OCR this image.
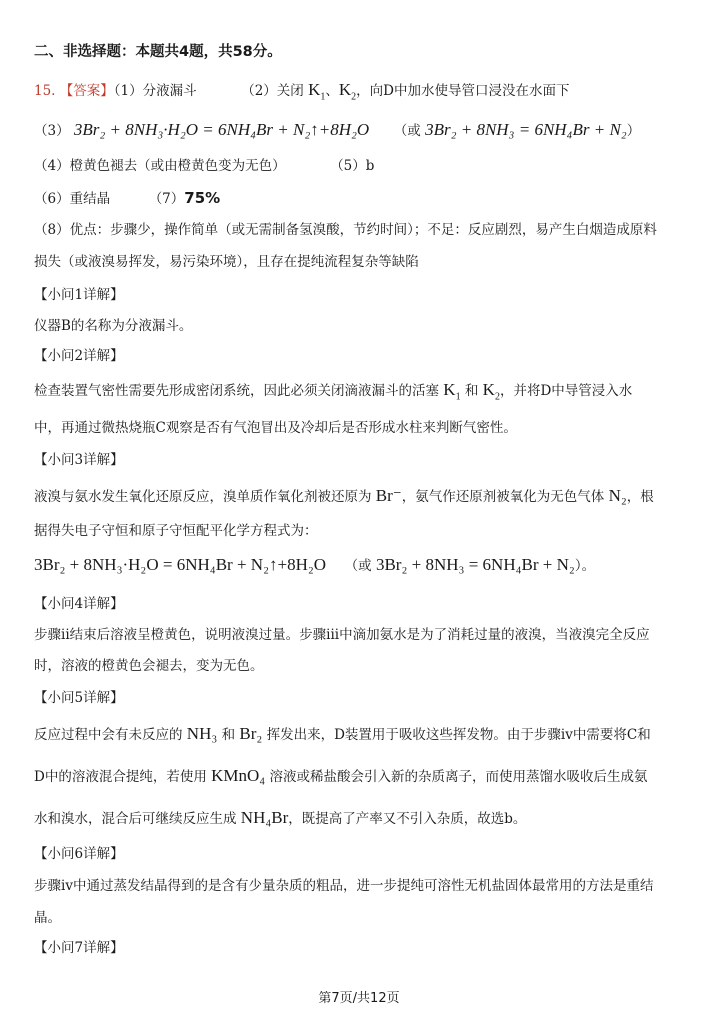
二、非选择题：本题共4题，共58分。
15. 【答案】（1）分液漏斗	（2）关闭 $K_1$、$K_2$，向D中加水使导管口浸没在水面下
（3） 3Br₂ + 8NH₃·H₂O = 6NH₄Br + N₂↑+8H₂O （或 3Br₂ + 8NH₃ = 6NH₄Br + N₂）
（4）橙黄色褪去（或由橙黄色变为无色）	（5）b
（6）重结晶	（7）75%
（8）优点：步骤少，操作简单（或无需制备氢溴酸，节约时间）；不足：反应剧烈，易产生白烟造成原料
损失（或液溴易挥发，易污染环境），且存在提纯流程复杂等缺陷
【小问1详解】
仪器B的名称为分液漏斗。
【小问2详解】
检查装置气密性需要先形成密闭系统，因此必须关闭滴液漏斗的活塞 $K_1$ 和 $K_2$，并将D中导管浸入水
中，再通过微热烧瓶C观察是否有气泡冒出及冷却后是否形成水柱来判断气密性。
【小问3详解】
液溴与氨水发生氧化还原反应，溴单质作氧化剂被还原为 Br⁻，氨气作还原剂被氧化为无色气体 N₂，根
据得失电子守恒和原子守恒配平化学方程式为：
3Br₂ + 8NH₃·H₂O = 6NH₄Br + N₂↑+8H₂O （或 3Br₂ + 8NH₃ = 6NH₄Br + N₂）。
【小问4详解】
步骤ii结束后溶液呈橙黄色，说明液溴过量。步骤iii中滴加氨水是为了消耗过量的液溴，当液溴完全反应
时，溶液的橙黄色会褪去，变为无色。
【小问5详解】
反应过程中会有未反应的 NH₃ 和 Br₂ 挥发出来，D装置用于吸收这些挥发物。由于步骤iv中需要将C和
D中的溶液混合提纯，若使用 KMnO₄ 溶液或稀盐酸会引入新的杂质离子，而使用蒸馏水吸收后生成氨
水和溴水，混合后可继续反应生成 NH₄Br，既提高了产率又不引入杂质，故选b。
【小问6详解】
步骤iv中通过蒸发结晶得到的是含有少量杂质的粗品，进一步提纯可溶性无机盐固体最常用的方法是重结
晶。
【小问7详解】
第7页/共12页
